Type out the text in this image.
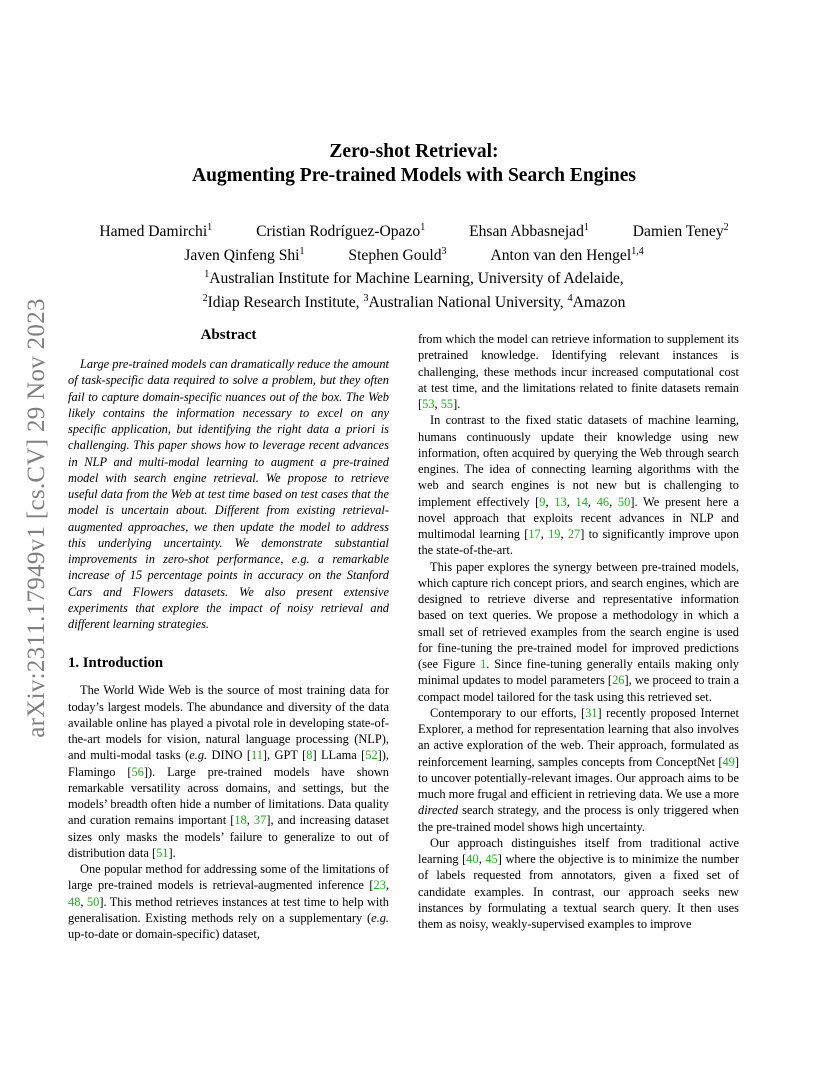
arXiv:2311.17949v1 [cs.CV] 29 Nov 2023
Zero-shot Retrieval:
Augmenting Pre-trained Models with Search Engines
Hamed Damirchi$^1$	Cristian Rodríguez-Opazo$^1$	Ehsan Abbasnejad$^1$	Damien Teney$^2$
Javen Qinfeng Shi$^1$	Stephen Gould$^3$	Anton van den Hengel$^{1,4}$
$^1$Australian Institute for Machine Learning, University of Adelaide,
$^2$Idiap Research Institute, $^3$Australian National University, $^4$Amazon
Abstract

Large pre-trained models can dramatically reduce the amount of task-specific data required to solve a problem, but they often fail to capture domain-specific nuances out of the box. The Web likely contains the information necessary to excel on any specific application, but identifying the right data a priori is challenging. This paper shows how to leverage recent advances in NLP and multi-modal learning to augment a pre-trained model with search engine retrieval. We propose to retrieve useful data from the Web at test time based on test cases that the model is uncertain about. Different from existing retrieval-augmented approaches, we then update the model to address this underlying uncertainty. We demonstrate substantial improvements in zero-shot performance, e.g. a remarkable increase of 15 percentage points in accuracy on the Stanford Cars and Flowers datasets. We also present extensive experiments that explore the impact of noisy retrieval and different learning strategies.

1. Introduction

The World Wide Web is the source of most training data for today’s largest models. The abundance and diversity of the data available online has played a pivotal role in developing state-of-the-art models for vision, natural language processing (NLP), and multi-modal tasks (e.g. DINO [11], GPT [8] LLama [52]), Flamingo [56]). Large pre-trained models have shown remarkable versatility across domains, and settings, but the models’ breadth often hide a number of limitations. Data quality and curation remains important [18, 37], and increasing dataset sizes only masks the models’ failure to generalize to out of distribution data [51].

One popular method for addressing some of the limitations of large pre-trained models is retrieval-augmented inference [23, 48, 50]. This method retrieves instances at test time to help with generalisation. Existing methods rely on a supplementary (e.g. up-to-date or domain-specific) dataset,

from which the model can retrieve information to supplement its pretrained knowledge. Identifying relevant instances is challenging, these methods incur increased computational cost at test time, and the limitations related to finite datasets remain [53, 55].

In contrast to the fixed static datasets of machine learning, humans continuously update their knowledge using new information, often acquired by querying the Web through search engines. The idea of connecting learning algorithms with the web and search engines is not new but is challenging to implement effectively [9, 13, 14, 46, 50]. We present here a novel approach that exploits recent advances in NLP and multimodal learning [17, 19, 27] to significantly improve upon the state-of-the-art.

This paper explores the synergy between pre-trained models, which capture rich concept priors, and search engines, which are designed to retrieve diverse and representative information based on text queries. We propose a methodology in which a small set of retrieved examples from the search engine is used for fine-tuning the pre-trained model for improved predictions (see Figure 1. Since fine-tuning generally entails making only minimal updates to model parameters [26], we proceed to train a compact model tailored for the task using this retrieved set.

Contemporary to our efforts, [31] recently proposed Internet Explorer, a method for representation learning that also involves an active exploration of the web. Their approach, formulated as reinforcement learning, samples concepts from ConceptNet [49] to uncover potentially-relevant images. Our approach aims to be much more frugal and efficient in retrieving data. We use a more directed search strategy, and the process is only triggered when the pre-trained model shows high uncertainty.

Our approach distinguishes itself from traditional active learning [40, 45] where the objective is to minimize the number of labels requested from annotators, given a fixed set of candidate examples. In contrast, our approach seeks new instances by formulating a textual search query. It then uses them as noisy, weakly-supervised examples to improve
